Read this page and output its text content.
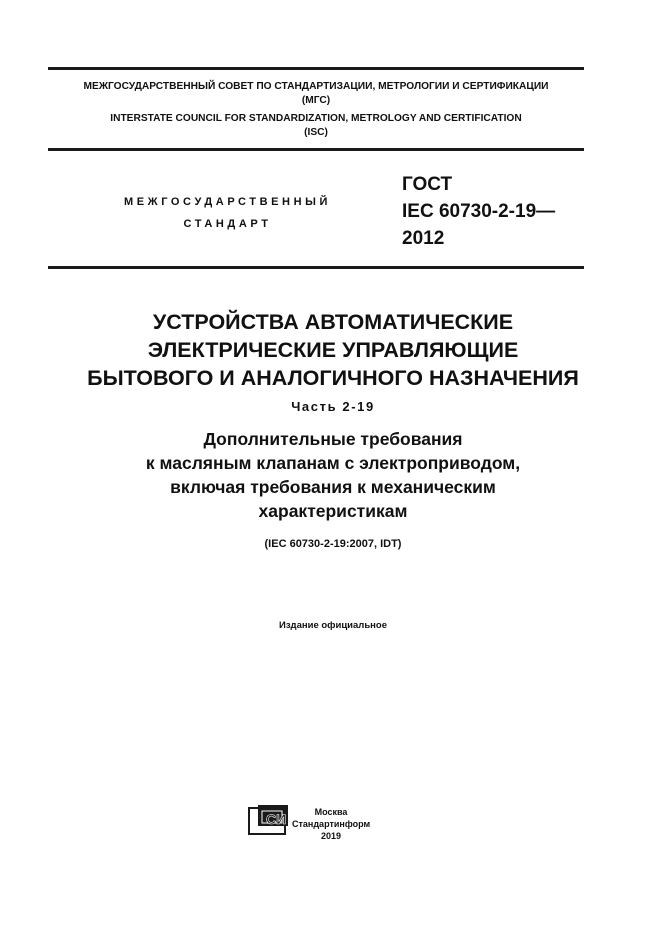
МЕЖГОСУДАРСТВЕННЫЙ СОВЕТ ПО СТАНДАРТИЗАЦИИ, МЕТРОЛОГИИ И СЕРТИФИКАЦИИ
(МГС)
INTERSTATE COUNCIL FOR STANDARDIZATION, METROLOGY AND CERTIFICATION
(ISC)
МЕЖГОСУДАРСТВЕННЫЙ
СТАНДАРТ
ГОСТ
IEC 60730-2-19—
2012
УСТРОЙСТВА АВТОМАТИЧЕСКИЕ
ЭЛЕКТРИЧЕСКИЕ УПРАВЛЯЮЩИЕ
БЫТОВОГО И АНАЛОГИЧНОГО НАЗНАЧЕНИЯ
Часть 2-19
Дополнительные требования
к масляным клапанам с электроприводом,
включая требования к механическим
характеристикам
(IEC 60730-2-19:2007, IDT)
Издание официальное
СИ	Москва
Стандартинформ
2019
